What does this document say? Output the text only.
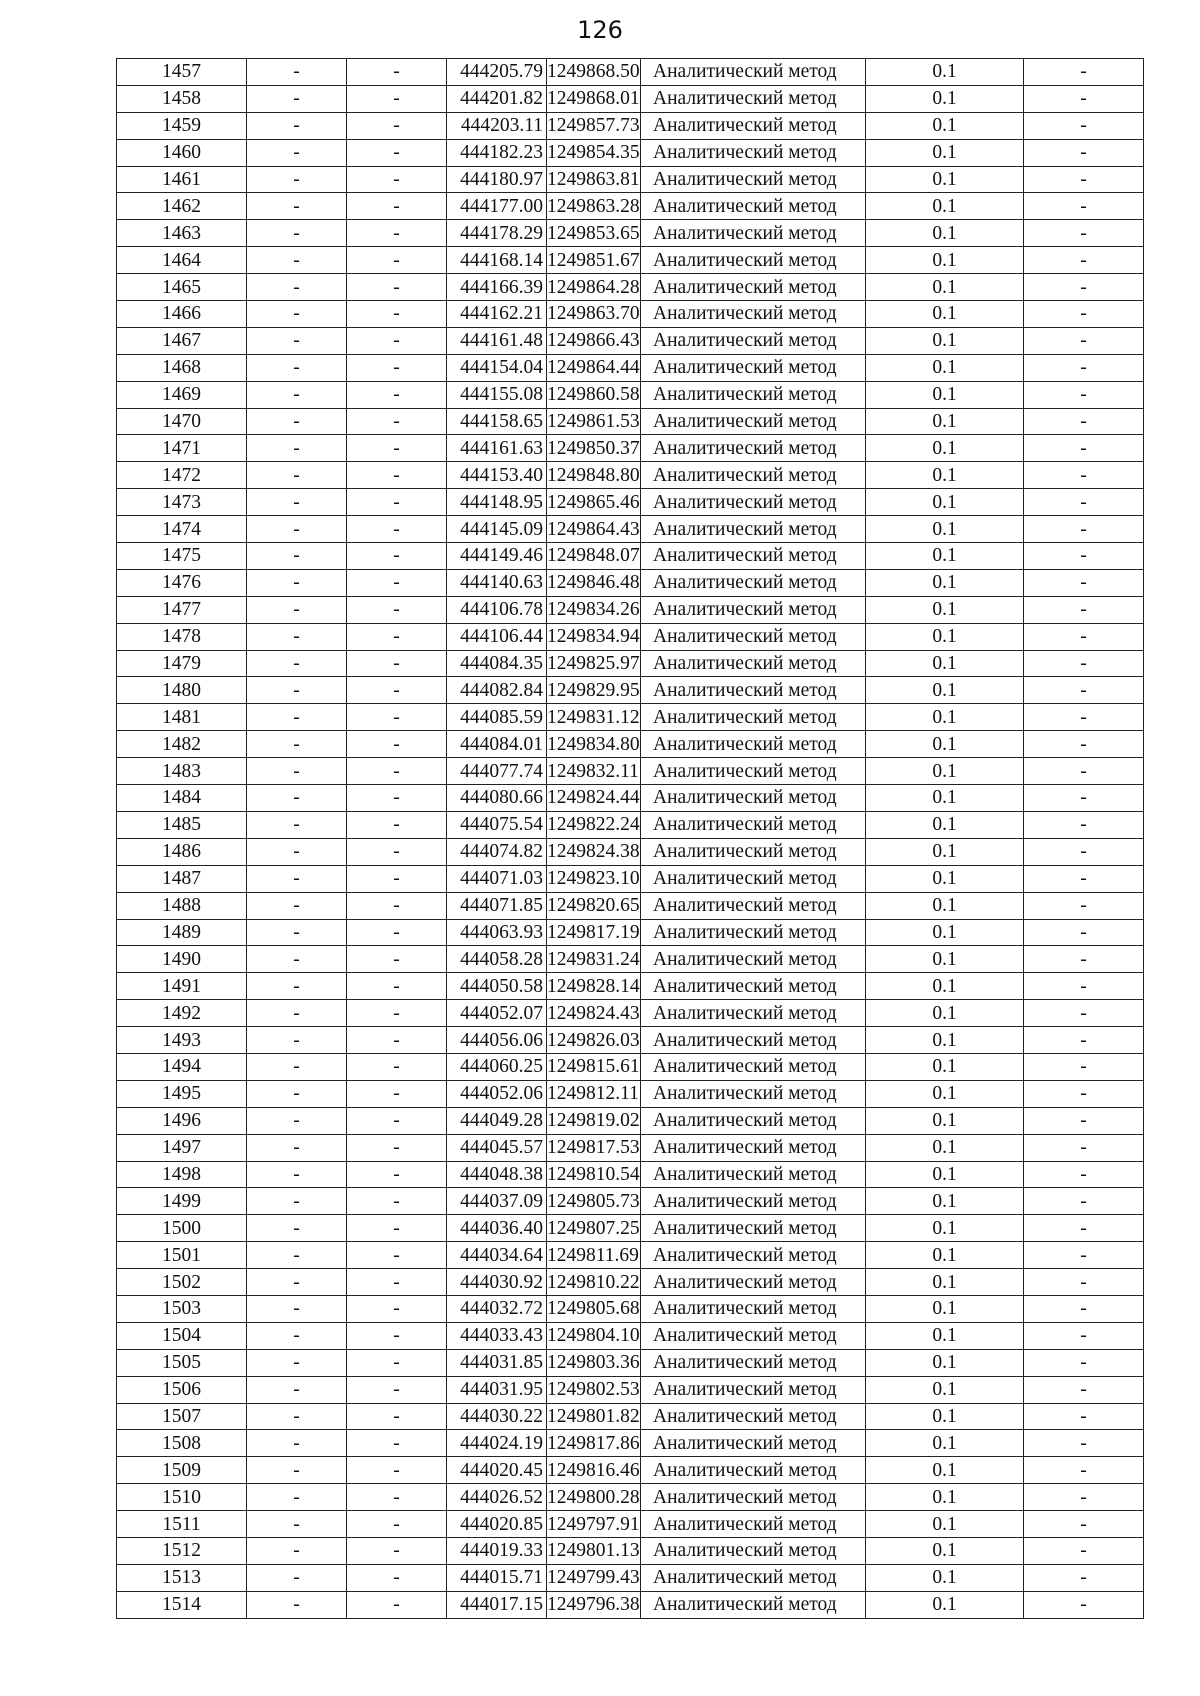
126
1457	-	-	444205.79	1249868.50	Аналитический метод	0.1	-
1458	-	-	444201.82	1249868.01	Аналитический метод	0.1	-
1459	-	-	444203.11	1249857.73	Аналитический метод	0.1	-
1460	-	-	444182.23	1249854.35	Аналитический метод	0.1	-
1461	-	-	444180.97	1249863.81	Аналитический метод	0.1	-
1462	-	-	444177.00	1249863.28	Аналитический метод	0.1	-
1463	-	-	444178.29	1249853.65	Аналитический метод	0.1	-
1464	-	-	444168.14	1249851.67	Аналитический метод	0.1	-
1465	-	-	444166.39	1249864.28	Аналитический метод	0.1	-
1466	-	-	444162.21	1249863.70	Аналитический метод	0.1	-
1467	-	-	444161.48	1249866.43	Аналитический метод	0.1	-
1468	-	-	444154.04	1249864.44	Аналитический метод	0.1	-
1469	-	-	444155.08	1249860.58	Аналитический метод	0.1	-
1470	-	-	444158.65	1249861.53	Аналитический метод	0.1	-
1471	-	-	444161.63	1249850.37	Аналитический метод	0.1	-
1472	-	-	444153.40	1249848.80	Аналитический метод	0.1	-
1473	-	-	444148.95	1249865.46	Аналитический метод	0.1	-
1474	-	-	444145.09	1249864.43	Аналитический метод	0.1	-
1475	-	-	444149.46	1249848.07	Аналитический метод	0.1	-
1476	-	-	444140.63	1249846.48	Аналитический метод	0.1	-
1477	-	-	444106.78	1249834.26	Аналитический метод	0.1	-
1478	-	-	444106.44	1249834.94	Аналитический метод	0.1	-
1479	-	-	444084.35	1249825.97	Аналитический метод	0.1	-
1480	-	-	444082.84	1249829.95	Аналитический метод	0.1	-
1481	-	-	444085.59	1249831.12	Аналитический метод	0.1	-
1482	-	-	444084.01	1249834.80	Аналитический метод	0.1	-
1483	-	-	444077.74	1249832.11	Аналитический метод	0.1	-
1484	-	-	444080.66	1249824.44	Аналитический метод	0.1	-
1485	-	-	444075.54	1249822.24	Аналитический метод	0.1	-
1486	-	-	444074.82	1249824.38	Аналитический метод	0.1	-
1487	-	-	444071.03	1249823.10	Аналитический метод	0.1	-
1488	-	-	444071.85	1249820.65	Аналитический метод	0.1	-
1489	-	-	444063.93	1249817.19	Аналитический метод	0.1	-
1490	-	-	444058.28	1249831.24	Аналитический метод	0.1	-
1491	-	-	444050.58	1249828.14	Аналитический метод	0.1	-
1492	-	-	444052.07	1249824.43	Аналитический метод	0.1	-
1493	-	-	444056.06	1249826.03	Аналитический метод	0.1	-
1494	-	-	444060.25	1249815.61	Аналитический метод	0.1	-
1495	-	-	444052.06	1249812.11	Аналитический метод	0.1	-
1496	-	-	444049.28	1249819.02	Аналитический метод	0.1	-
1497	-	-	444045.57	1249817.53	Аналитический метод	0.1	-
1498	-	-	444048.38	1249810.54	Аналитический метод	0.1	-
1499	-	-	444037.09	1249805.73	Аналитический метод	0.1	-
1500	-	-	444036.40	1249807.25	Аналитический метод	0.1	-
1501	-	-	444034.64	1249811.69	Аналитический метод	0.1	-
1502	-	-	444030.92	1249810.22	Аналитический метод	0.1	-
1503	-	-	444032.72	1249805.68	Аналитический метод	0.1	-
1504	-	-	444033.43	1249804.10	Аналитический метод	0.1	-
1505	-	-	444031.85	1249803.36	Аналитический метод	0.1	-
1506	-	-	444031.95	1249802.53	Аналитический метод	0.1	-
1507	-	-	444030.22	1249801.82	Аналитический метод	0.1	-
1508	-	-	444024.19	1249817.86	Аналитический метод	0.1	-
1509	-	-	444020.45	1249816.46	Аналитический метод	0.1	-
1510	-	-	444026.52	1249800.28	Аналитический метод	0.1	-
1511	-	-	444020.85	1249797.91	Аналитический метод	0.1	-
1512	-	-	444019.33	1249801.13	Аналитический метод	0.1	-
1513	-	-	444015.71	1249799.43	Аналитический метод	0.1	-
1514	-	-	444017.15	1249796.38	Аналитический метод	0.1	-
